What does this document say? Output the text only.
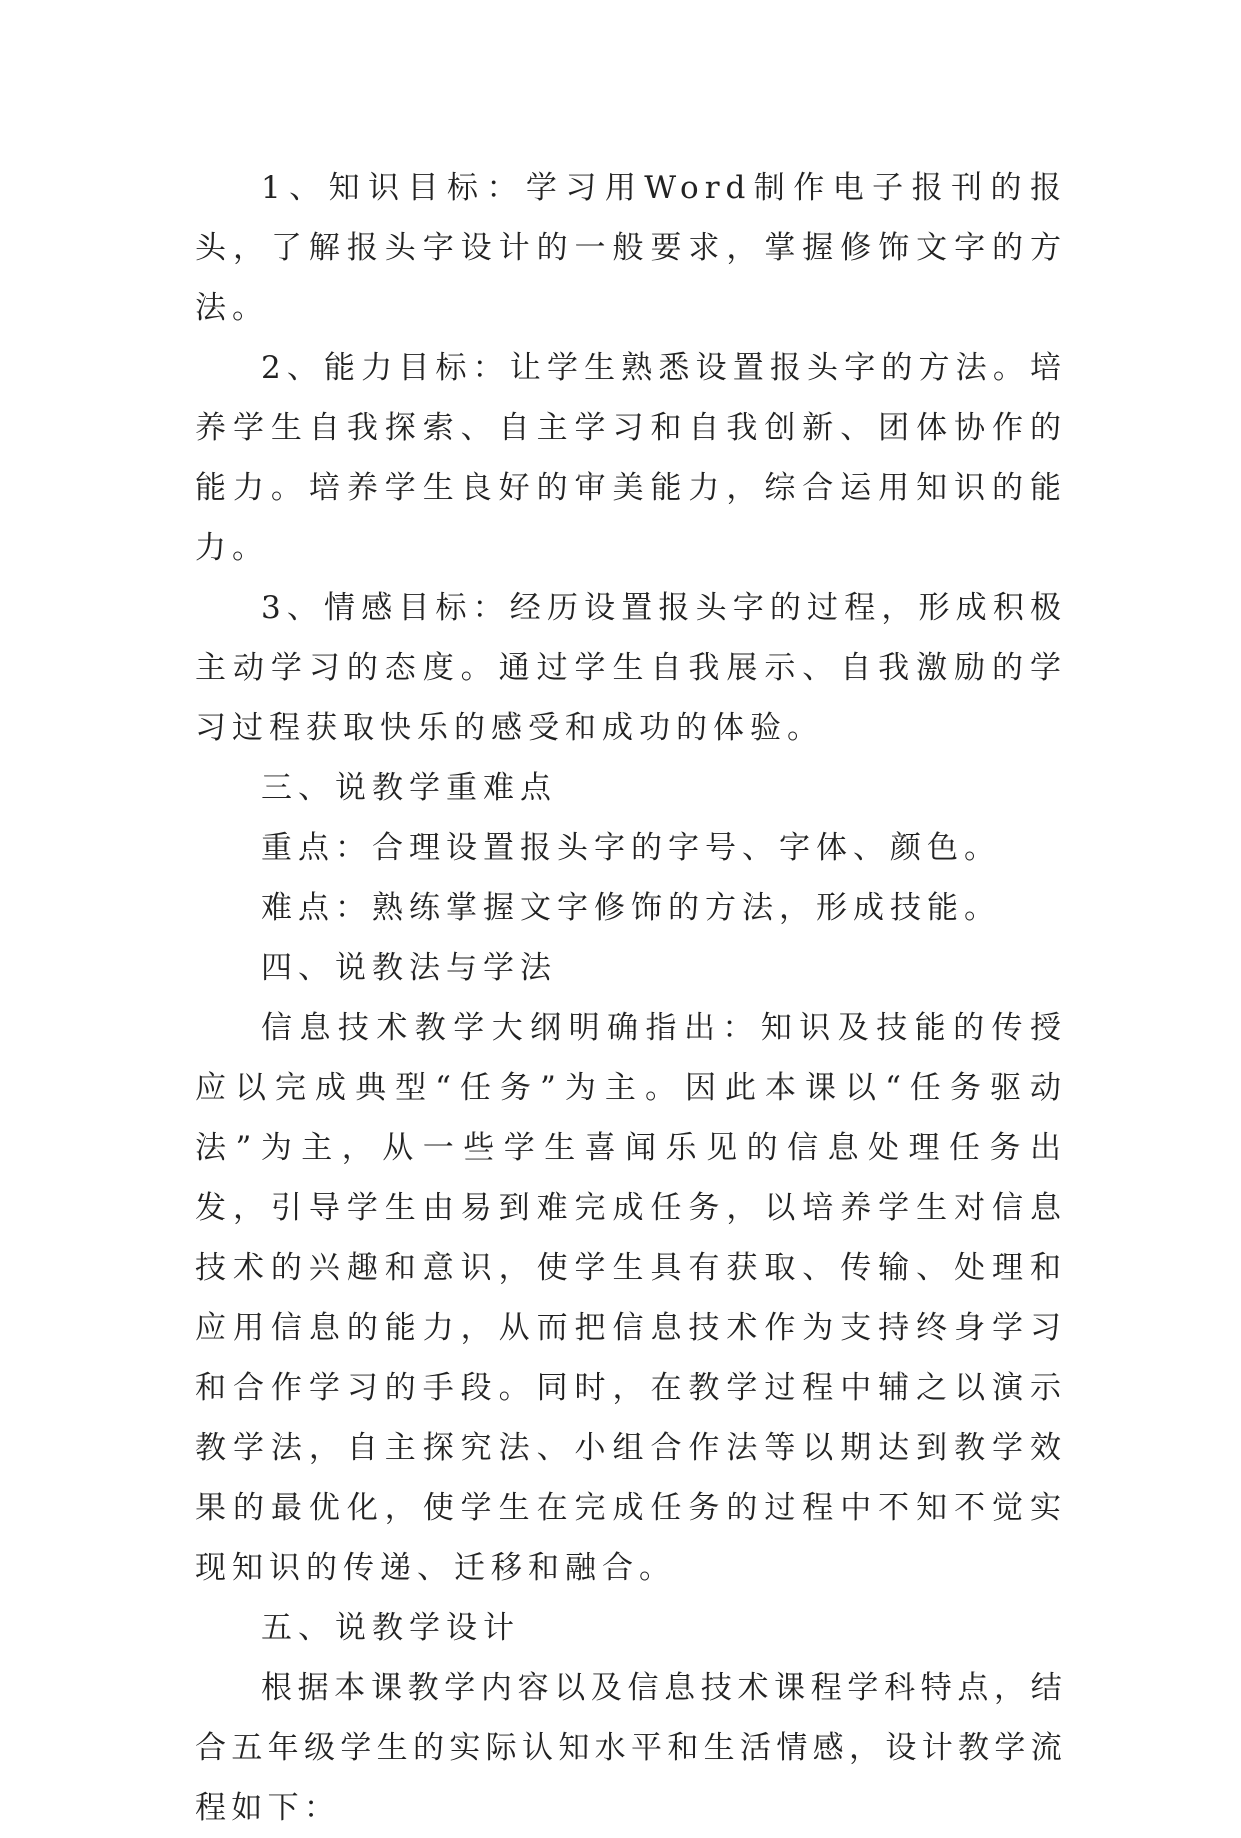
1、知识目标：学习用Word制作电子报刊的报头，了解报头字设计的一般要求，掌握修饰文字的方法。

2、能力目标：让学生熟悉设置报头字的方法。培养学生自我探索、自主学习和自我创新、团体协作的能力。培养学生良好的审美能力，综合运用知识的能力。

3、情感目标：经历设置报头字的过程，形成积极主动学习的态度。通过学生自我展示、自我激励的学习过程获取快乐的感受和成功的体验。

三、说教学重难点

重点：合理设置报头字的字号、字体、颜色。

难点：熟练掌握文字修饰的方法，形成技能。

四、说教法与学法

信息技术教学大纲明确指出：知识及技能的传授应以完成典型“任务”为主。因此本课以“任务驱动法”为主，从一些学生喜闻乐见的信息处理任务出发，引导学生由易到难完成任务，以培养学生对信息技术的兴趣和意识，使学生具有获取、传输、处理和应用信息的能力，从而把信息技术作为支持终身学习和合作学习的手段。同时，在教学过程中辅之以演示教学法，自主探究法、小组合作法等以期达到教学效果的最优化，使学生在完成任务的过程中不知不觉实现知识的传递、迁移和融合。

五、说教学设计

根据本课教学内容以及信息技术课程学科特点，结合五年级学生的实际认知水平和生活情感，设计教学流程如下：
